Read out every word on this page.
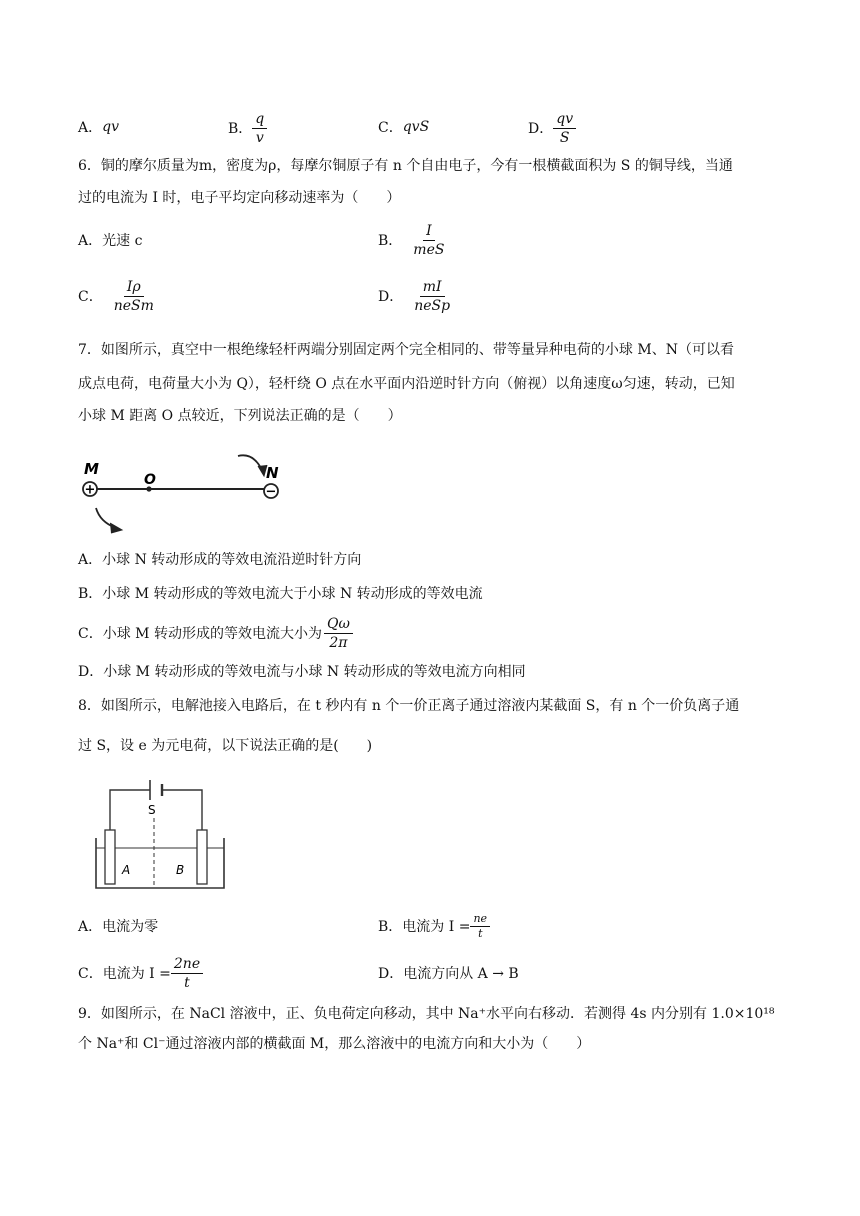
A． qv	B． $\frac{q}{v}$	C． qvS	D． $\frac{qv}{S}$
6．铜的摩尔质量为m，密度为ρ，每摩尔铜原子有 n 个自由电子，今有一根横截面积为 S 的铜导线，当通
过的电流为 I 时，电子平均定向移动速率为（　　）
A． 光速 c	B． $\frac{I}{\text{meS}}$
C． $\frac{I\rho}{\text{neSm}}$	D． $\frac{mI}{\text{neSp}}$
7．如图所示，真空中一根绝缘轻杆两端分别固定两个完全相同的、带等量异种电荷的小球 M、N（可以看
成点电荷，电荷量大小为 Q），轻杆绕 O 点在水平面内沿逆时针方向（俯视）以角速度ω匀速，转动，已知
小球 M 距离 O 点较近，下列说法正确的是（　　）
+	−
M
O	N
A．小球 N 转动形成的等效电流沿逆时针方向
B．小球 M 转动形成的等效电流大于小球 N 转动形成的等效电流
C． 小球 M 转动形成的等效电流大小为 $\frac{Q\omega}{2\pi}$
D．小球 M 转动形成的等效电流与小球 N 转动形成的等效电流方向相同
8．如图所示，电解池接入电路后，在 t 秒内有 n 个一价正离子通过溶液内某截面 S，有 n 个一价负离子通
过 S，设 e 为元电荷，以下说法正确的是(　　)
S
A	B
A． 电流为零	B． 电流为 $I = \frac{ne}{t}$
C． 电流为 $I = \frac{2ne}{t}$	D． 电流方向从 A → B
9．如图所示，在 NaCl 溶液中，正、负电荷定向移动，其中 Na⁺水平向右移动．若测得 4s 内分别有 1.0×10¹⁸
个 Na⁺和 Cl⁻通过溶液内部的横截面 M，那么溶液中的电流方向和大小为（　　）
